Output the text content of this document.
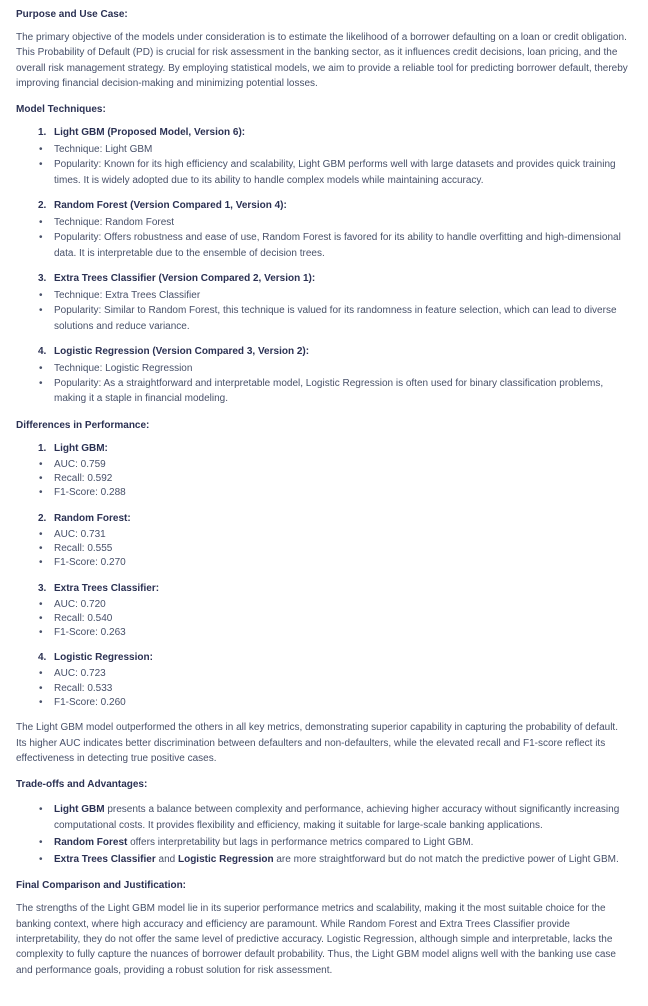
Purpose and Use Case:
The primary objective of the models under consideration is to estimate the likelihood of a borrower defaulting on a loan or credit obligation. This Probability of Default (PD) is crucial for risk assessment in the banking sector, as it influences credit decisions, loan pricing, and the overall risk management strategy. By employing statistical models, we aim to provide a reliable tool for predicting borrower default, thereby improving financial decision-making and minimizing potential losses.
Model Techniques:
1. Light GBM (Proposed Model, Version 6):
•
Technique: Light GBM
•
Popularity: Known for its high efficiency and scalability, Light GBM performs well with large datasets and provides quick training times. It is widely adopted due to its ability to handle complex models while maintaining accuracy.
2. Random Forest (Version Compared 1, Version 4):
•
Technique: Random Forest
•
Popularity: Offers robustness and ease of use, Random Forest is favored for its ability to handle overfitting and high-dimensional data. It is interpretable due to the ensemble of decision trees.
3. Extra Trees Classifier (Version Compared 2, Version 1):
•
Technique: Extra Trees Classifier
•
Popularity: Similar to Random Forest, this technique is valued for its randomness in feature selection, which can lead to diverse solutions and reduce variance.
4. Logistic Regression (Version Compared 3, Version 2):
•
Technique: Logistic Regression
•
Popularity: As a straightforward and interpretable model, Logistic Regression is often used for binary classification problems, making it a staple in financial modeling.
Differences in Performance:
1. Light GBM:
•
AUC: 0.759
•
Recall: 0.592
•
F1-Score: 0.288
2. Random Forest:
•
AUC: 0.731
•
Recall: 0.555
•
F1-Score: 0.270
3. Extra Trees Classifier:
•
AUC: 0.720
•
Recall: 0.540
•
F1-Score: 0.263
4. Logistic Regression:
•
AUC: 0.723
•
Recall: 0.533
•
F1-Score: 0.260
The Light GBM model outperformed the others in all key metrics, demonstrating superior capability in capturing the probability of default. Its higher AUC indicates better discrimination between defaulters and non-defaulters, while the elevated recall and F1-score reflect its effectiveness in detecting true positive cases.
Trade-offs and Advantages:
•
Light GBM presents a balance between complexity and performance, achieving higher accuracy without significantly increasing computational costs. It provides flexibility and efficiency, making it suitable for large-scale banking applications.
•
Random Forest offers interpretability but lags in performance metrics compared to Light GBM.
•
Extra Trees Classifier and Logistic Regression are more straightforward but do not match the predictive power of Light GBM.
Final Comparison and Justification:
The strengths of the Light GBM model lie in its superior performance metrics and scalability, making it the most suitable choice for the banking context, where high accuracy and efficiency are paramount. While Random Forest and Extra Trees Classifier provide interpretability, they do not offer the same level of predictive accuracy. Logistic Regression, although simple and interpretable, lacks the complexity to fully capture the nuances of borrower default probability. Thus, the Light GBM model aligns well with the banking use case and performance goals, providing a robust solution for risk assessment.
